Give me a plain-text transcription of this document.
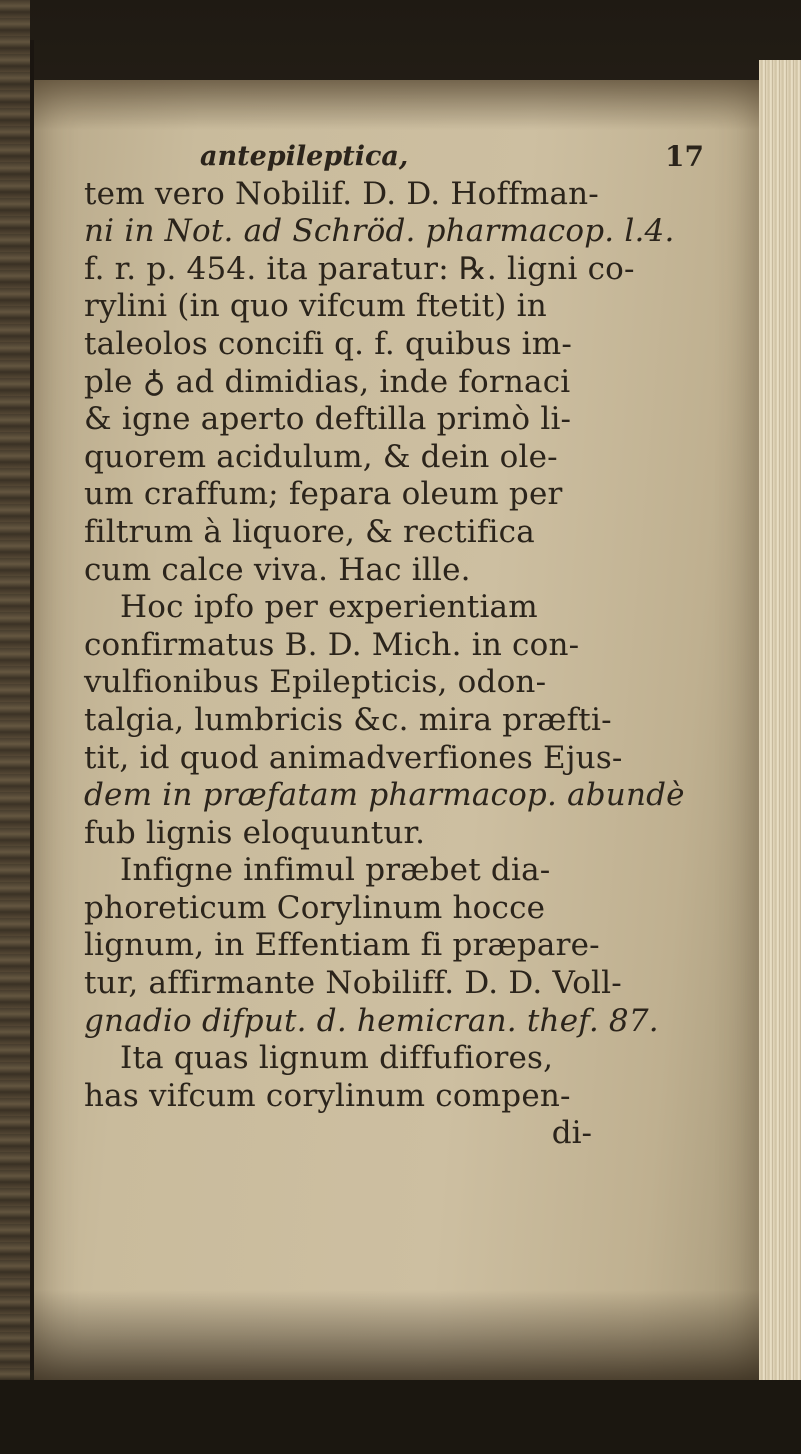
antepileptica,	17
tem vero Nobilif. D. D. Hoffman-
ni in Not. ad Schröd. pharmacop. l.4.
f. r. p. 454. ita paratur: ℞. ligni co-
rylini (in quo vifcum ftetit) in
taleolos concifi q. f. quibus im-
ple ♁ ad dimidias, inde fornaci
& igne aperto deftilla primò li-
quorem acidulum, & dein ole-
um craffum; fepara oleum per
filtrum à liquore, & rectifica
cum calce viva. Hac ille.
Hoc ipfo per experientiam
confirmatus B. D. Mich. in con-
vulfionibus Epilepticis, odon-
talgia, lumbricis &c. mira præfti-
tit, id quod animadverfiones Ejus-
dem in præfatam pharmacop. abundè
fub lignis eloquuntur.
Infigne infimul præbet dia-
phoreticum Corylinum hocce
lignum, in Effentiam fi præpare-
tur, affirmante Nobiliff. D. D. Voll-
gnadio difput. d. hemicran. thef. 87.
Ita quas lignum diffufiores,
has vifcum corylinum compen-
di-
